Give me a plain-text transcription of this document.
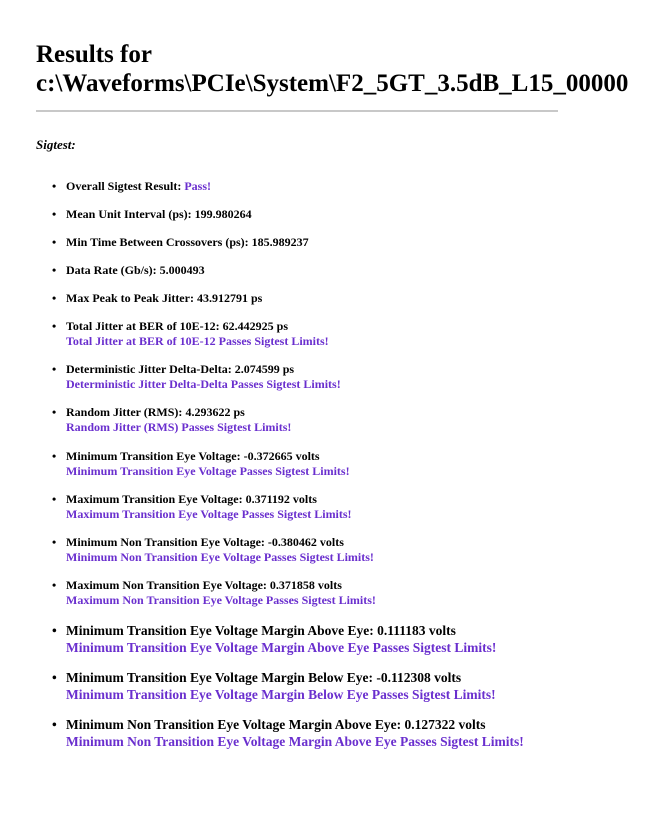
Results for
c:\Waveforms\PCIe\System\F2_5GT_3.5dB_L15_00000
Sigtest:
• Overall Sigtest Result: Pass!
• Mean Unit Interval (ps): 199.980264
• Min Time Between Crossovers (ps): 185.989237
• Data Rate (Gb/s): 5.000493
• Max Peak to Peak Jitter: 43.912791 ps
• Total Jitter at BER of 10E-12: 62.442925 ps
Total Jitter at BER of 10E-12 Passes Sigtest Limits!
• Deterministic Jitter Delta-Delta: 2.074599 ps
Deterministic Jitter Delta-Delta Passes Sigtest Limits!
• Random Jitter (RMS): 4.293622 ps
Random Jitter (RMS) Passes Sigtest Limits!
• Minimum Transition Eye Voltage: -0.372665 volts
Minimum Transition Eye Voltage Passes Sigtest Limits!
• Maximum Transition Eye Voltage: 0.371192 volts
Maximum Transition Eye Voltage Passes Sigtest Limits!
• Minimum Non Transition Eye Voltage: -0.380462 volts
Minimum Non Transition Eye Voltage Passes Sigtest Limits!
• Maximum Non Transition Eye Voltage: 0.371858 volts
Maximum Non Transition Eye Voltage Passes Sigtest Limits!
• Minimum Transition Eye Voltage Margin Above Eye: 0.111183 volts
Minimum Transition Eye Voltage Margin Above Eye Passes Sigtest Limits!
• Minimum Transition Eye Voltage Margin Below Eye: -0.112308 volts
Minimum Transition Eye Voltage Margin Below Eye Passes Sigtest Limits!
• Minimum Non Transition Eye Voltage Margin Above Eye: 0.127322 volts
Minimum Non Transition Eye Voltage Margin Above Eye Passes Sigtest Limits!
